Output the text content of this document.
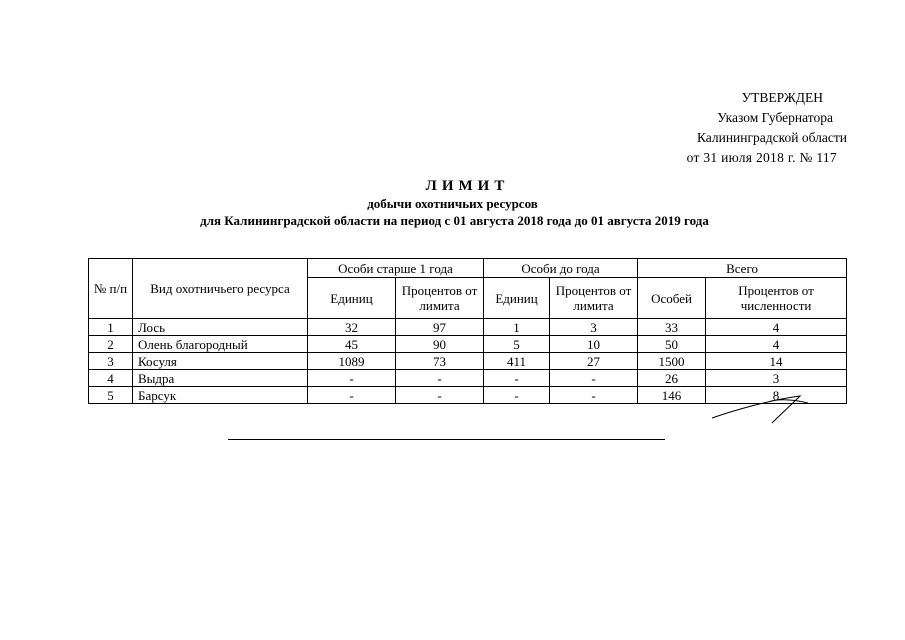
УТВЕРЖДЕН
Указом Губернатора
Калининградской области
от 31 июля 2018 г. № 117
ЛИМИТ
добычи охотничьих ресурсов
для Калининградской области на период с 01 августа 2018 года до 01 августа 2019 года
№ п/п	Вид охотничьего ресурса	Особи старше 1 года		Особи до года		Всего	
		Единиц	Процентов от лимита	Единиц	Процентов от лимита	Особей	Процентов от численности
1	Лось	32	97	1	3	33	4
2	Олень благородный	45	90	5	10	50	4
3	Косуля	1089	73	411	27	1500	14
4	Выдра	-	-	-	-	26	3
5	Барсук	-	-	-	-	146	8
